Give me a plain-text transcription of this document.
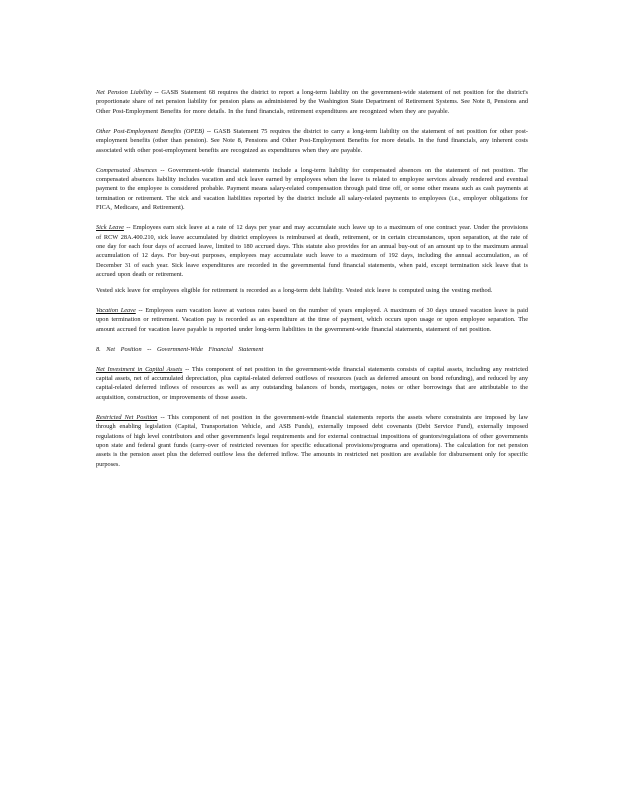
Net Pension Liability -- GASB Statement 68 requires the district to report a long-term liability on the government-wide statement of net position for the district's proportionate share of net pension liability for pension plans as administered by the Washington State Department of Retirement Systems. See Note 8, Pensions and Other Post-Employment Benefits for more details. In the fund financials, retirement expenditures are recognized when they are payable.

Other Post-Employment Benefits (OPEB) -- GASB Statement 75 requires the district to carry a long-term liability on the statement of net position for other post-employment benefits (other than pension). See Note 8, Pensions and Other Post-Employment Benefits for more details. In the fund financials, any inherent costs associated with other post-employment benefits are recognized as expenditures when they are payable.

Compensated Absences -- Government-wide financial statements include a long-term liability for compensated absences on the statement of net position. The compensated absences liability includes vacation and sick leave earned by employees when the leave is related to employee services already rendered and eventual payment to the employee is considered probable. Payment means salary-related compensation through paid time off, or some other means such as cash payments at termination or retirement. The sick and vacation liabilities reported by the district include all salary-related payments to employees (i.e., employer obligations for FICA, Medicare, and Retirement).

Sick Leave -- Employees earn sick leave at a rate of 12 days per year and may accumulate such leave up to a maximum of one contract year. Under the provisions of RCW 28A.400.210, sick leave accumulated by district employees is reimbursed at death, retirement, or in certain circumstances, upon separation, at the rate of one day for each four days of accrued leave, limited to 180 accrued days. This statute also provides for an annual buy-out of an amount up to the maximum annual accumulation of 12 days. For buy-out purposes, employees may accumulate such leave to a maximum of 192 days, including the annual accumulation, as of December 31 of each year. Sick leave expenditures are recorded in the governmental fund financial statements, when paid, except termination sick leave that is accrued upon death or retirement.

Vested sick leave for employees eligible for retirement is recorded as a long-term debt liability. Vested sick leave is computed using the vesting method.

Vacation Leave -- Employees earn vacation leave at various rates based on the number of years employed. A maximum of 30 days unused vacation leave is paid upon termination or retirement. Vacation pay is recorded as an expenditure at the time of payment, which occurs upon usage or upon employee separation. The amount accrued for vacation leave payable is reported under long-term liabilities in the government-wide financial statements, statement of net position.

8. Net Position -- Government-Wide Financial Statement

Net Investment in Capital Assets -- This component of net position in the government-wide financial statements consists of capital assets, including any restricted capital assets, net of accumulated depreciation, plus capital-related deferred outflows of resources (such as deferred amount on bond refunding), and reduced by any capital-related deferred inflows of resources as well as any outstanding balances of bonds, mortgages, notes or other borrowings that are attributable to the acquisition, construction, or improvements of those assets.

Restricted Net Position -- This component of net position in the government-wide financial statements reports the assets where constraints are imposed by law through enabling legislation (Capital, Transportation Vehicle, and ASB Funds), externally imposed debt covenants (Debt Service Fund), externally imposed regulations of high level contributors and other government's legal requirements and for external contractual impositions of grantors/regulations of other governments upon state and federal grant funds (carry-over of restricted revenues for specific educational provisions/programs and operations). The calculation for net pension assets is the pension asset plus the deferred outflow less the deferred inflow. The amounts in restricted net position are available for disbursement only for specific purposes.
